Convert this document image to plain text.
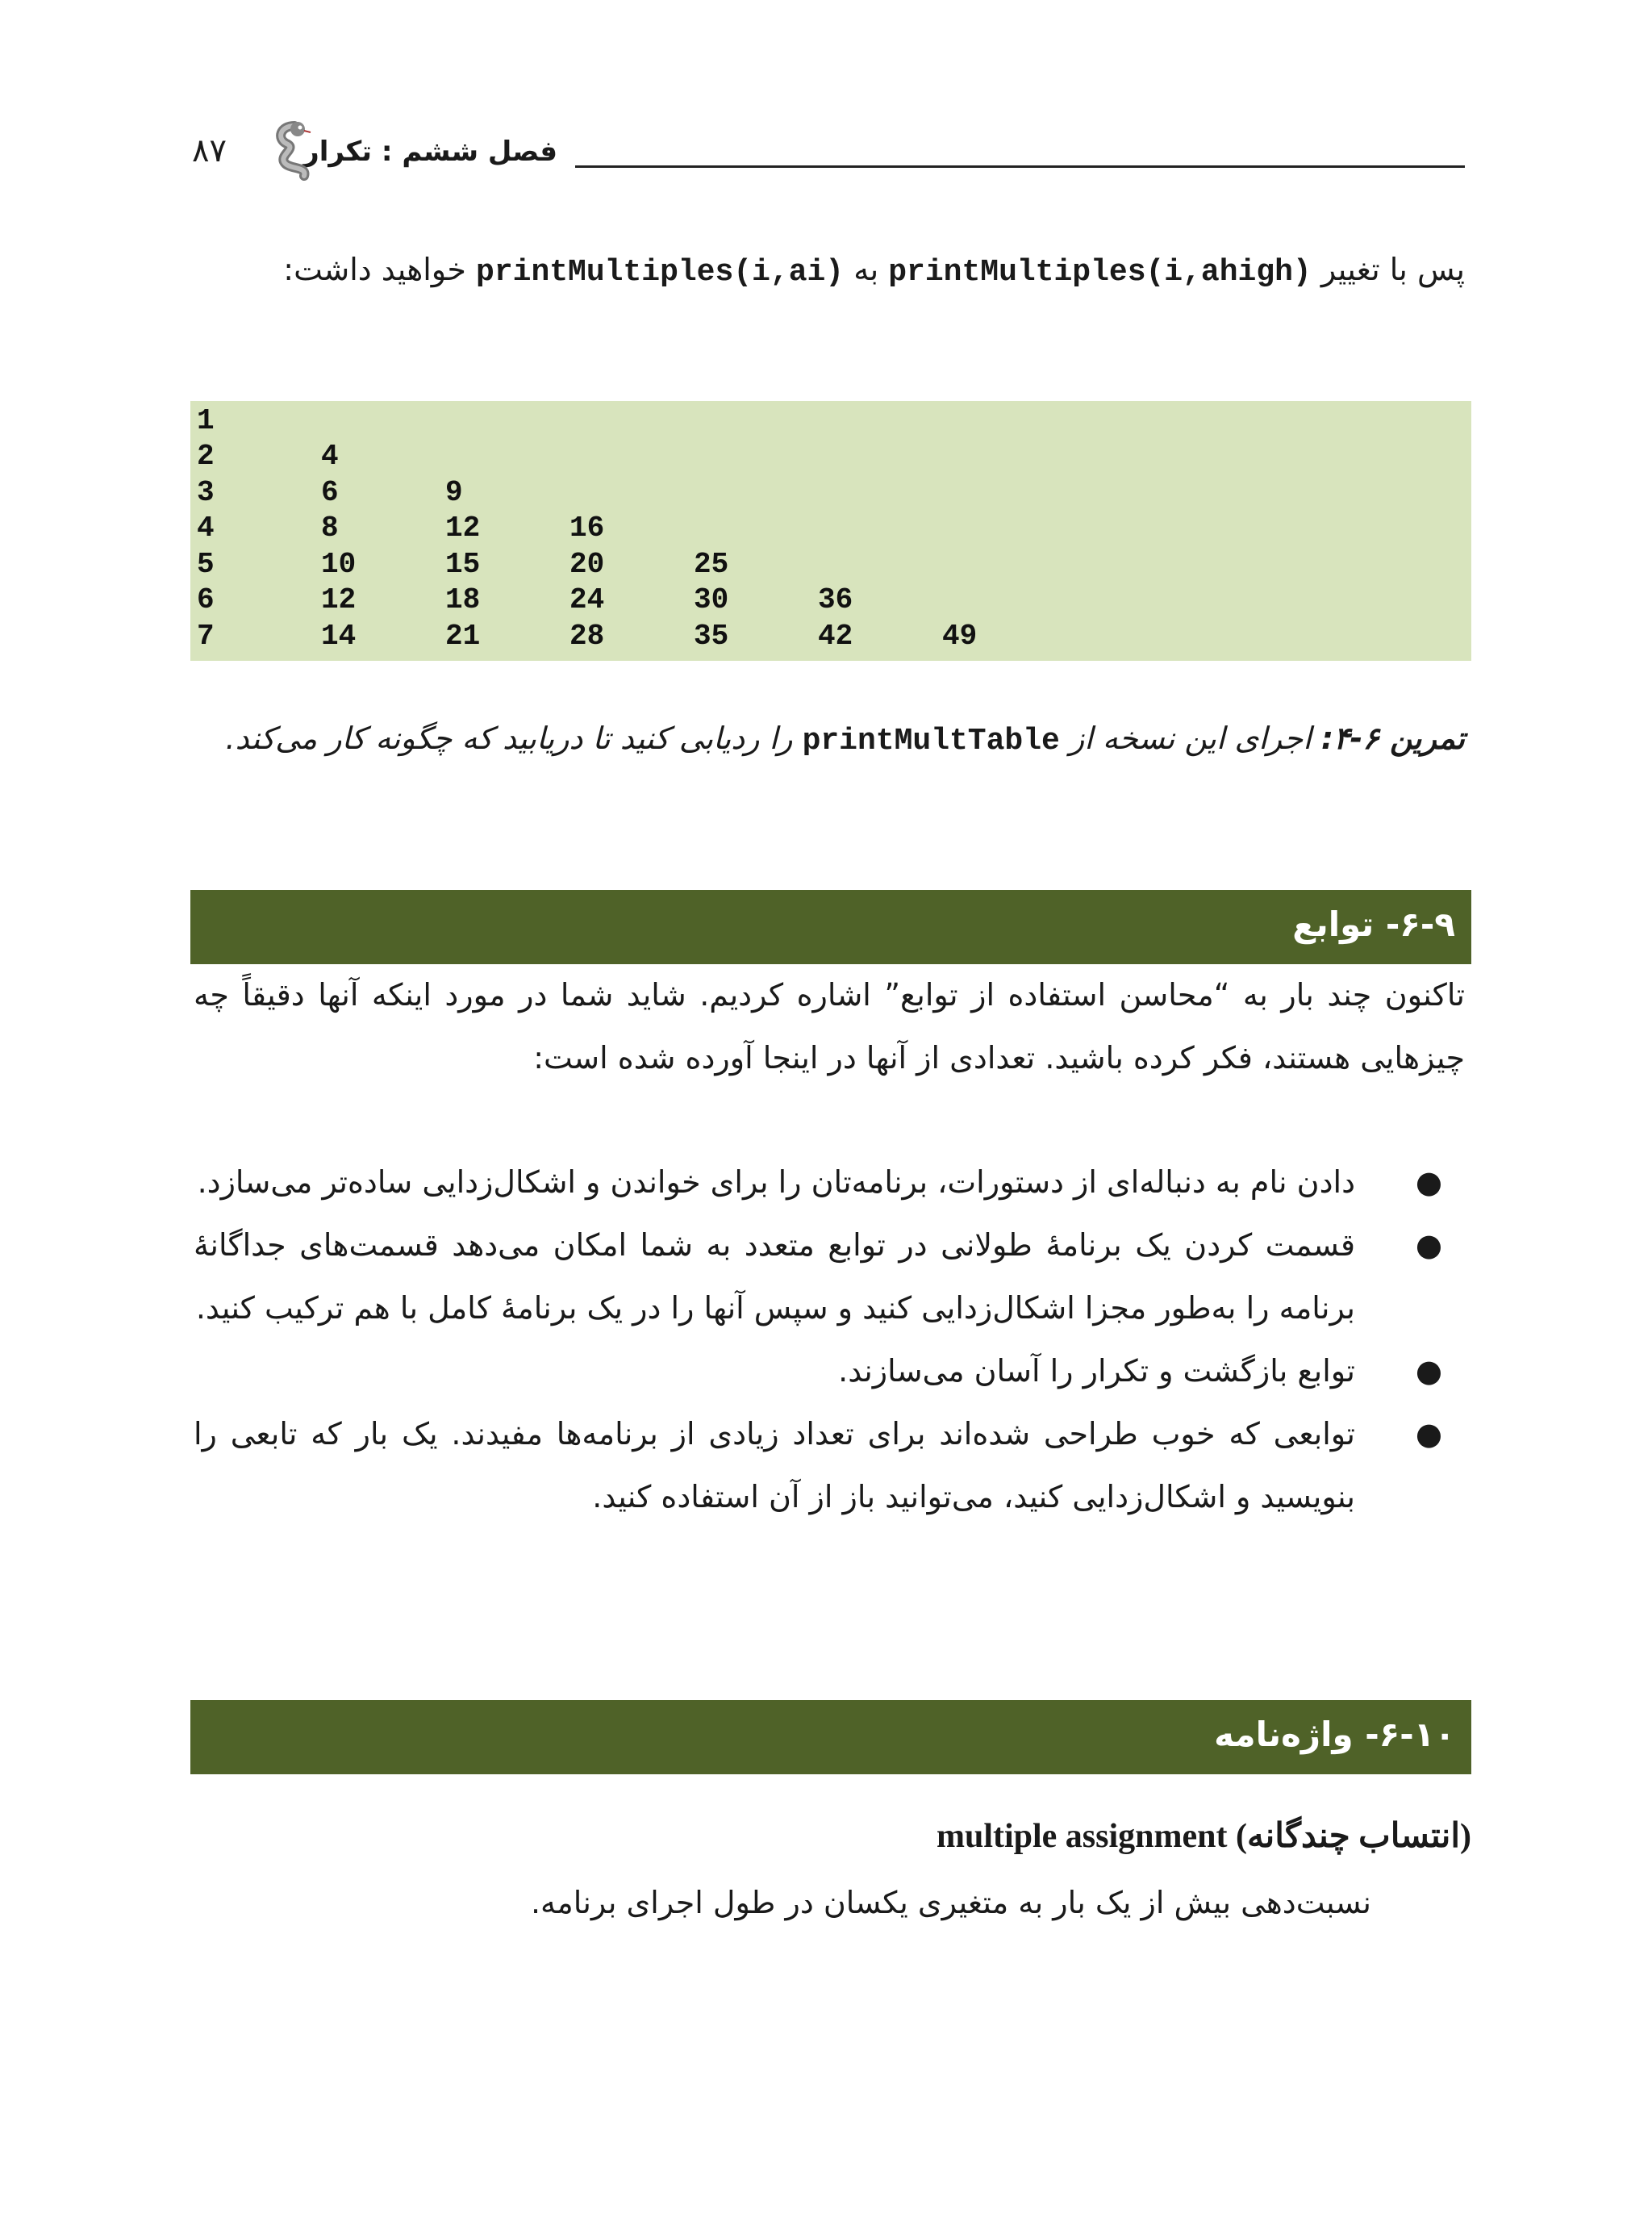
فصل ششم : تکرار
۸۷
پس با تغییر printMultiples(i,ahigh) به printMultiples(i,ai) خواهید داشت:
1						
2	4					
3	6	9				
4	8	12	16			
5	10	15	20	25		
6	12	18	24	30	36	
7	14	21	28	35	42	49
تمرین ۶-۴: اجرای این نسخه از printMultTable را ردیابی کنید تا دریابید که چگونه کار می‌کند.
۶-۹- توابع
تاکنون چند بار به “محاسن استفاده از توابع” اشاره کردیم. شاید شما در مورد اینکه آنها دقیقاً چه چیزهایی هستند، فکر کرده باشید. تعدادی از آنها در اینجا آورده شده است:
●
دادن نام به دنباله‌ای از دستورات، برنامه‌تان را برای خواندن و اشکال‌زدایی ساده‌تر می‌سازد.
●
قسمت کردن یک برنامهٔ طولانی در توابع متعدد به شما امکان می‌دهد قسمت‌های جداگانهٔ برنامه را به‌طور مجزا اشکال‌زدایی کنید و سپس آنها را در یک برنامهٔ کامل با هم ترکیب کنید.
●
توابع بازگشت و تکرار را آسان می‌سازند.
●
توابعی که خوب طراحی شده‌اند برای تعداد زیادی از برنامه‌ها مفیدند. یک بار که تابعی را بنویسید و اشکال‌زدایی کنید، می‌توانید باز از آن استفاده کنید.
۶-۱۰- واژه‌نامه
multiple assignment (انتساب چندگانه)
نسبت‌دهی بیش از یک بار به متغیری یکسان در طول اجرای برنامه.
